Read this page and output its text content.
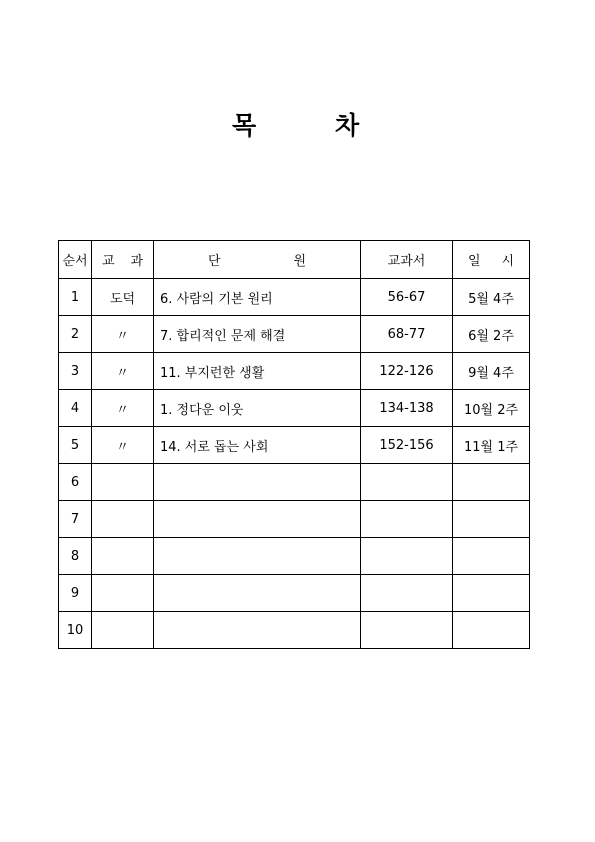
목	차
순서	교 과	단 원	교과서	일 시

1	도덕	6. 사람의 기본 원리	56-67	5월 4주
2	〃	7. 합리적인 문제 해결	68-77	6월 2주
3	〃	11. 부지런한 생활	122-126	9월 4주
4	〃	1. 정다운 이웃	134-138	10월 2주
5	〃	14. 서로 돕는 사회	152-156	11월 1주
6				
7				
8				
9				
10				
